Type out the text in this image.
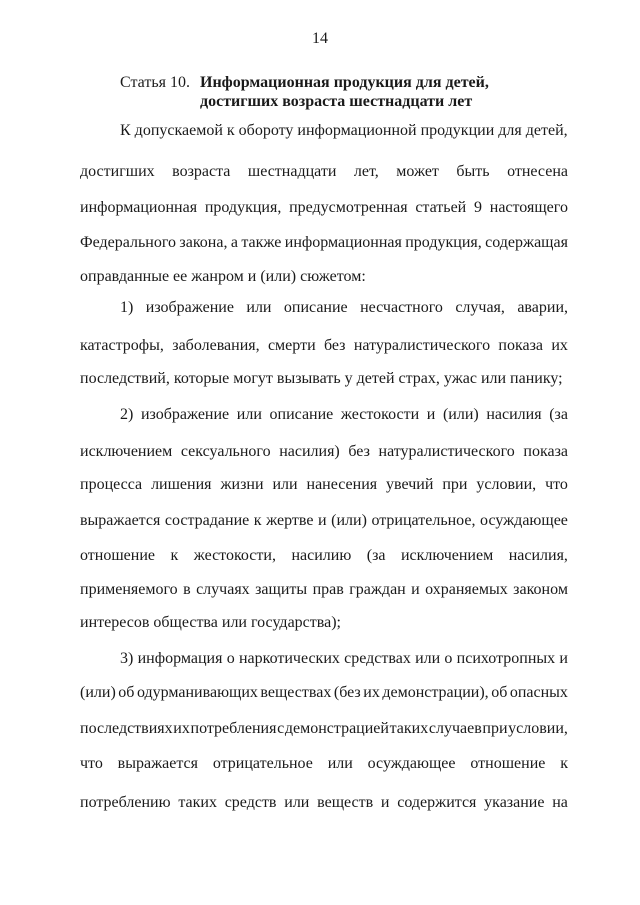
14
Статья 10. Информационная продукция для детей,
достигших возраста шестнадцати лет
К допускаемой к обороту информационной продукции для детей,
достигших возраста шестнадцати лет, может быть отнесена
информационная продукция, предусмотренная статьей 9 настоящего
Федерального закона, а также информационная продукция, содержащая
оправданные ее жанром и (или) сюжетом:
1) изображение или описание несчастного случая, аварии,
катастрофы, заболевания, смерти без натуралистического показа их
последствий, которые могут вызывать у детей страх, ужас или панику;
2) изображение или описание жестокости и (или) насилия (за
исключением сексуального насилия) без натуралистического показа
процесса лишения жизни или нанесения увечий при условии, что
выражается сострадание к жертве и (или) отрицательное, осуждающее
отношение к жестокости, насилию (за исключением насилия,
применяемого в случаях защиты прав граждан и охраняемых законом
интересов общества или государства);
3) информация о наркотических средствах или о психотропных и
(или) об одурманивающих веществах (без их демонстрации), об опасных
последствиях их потребления с демонстрацией таких случаев при условии,
что выражается отрицательное или осуждающее отношение к
потреблению таких средств или веществ и содержится указание на
